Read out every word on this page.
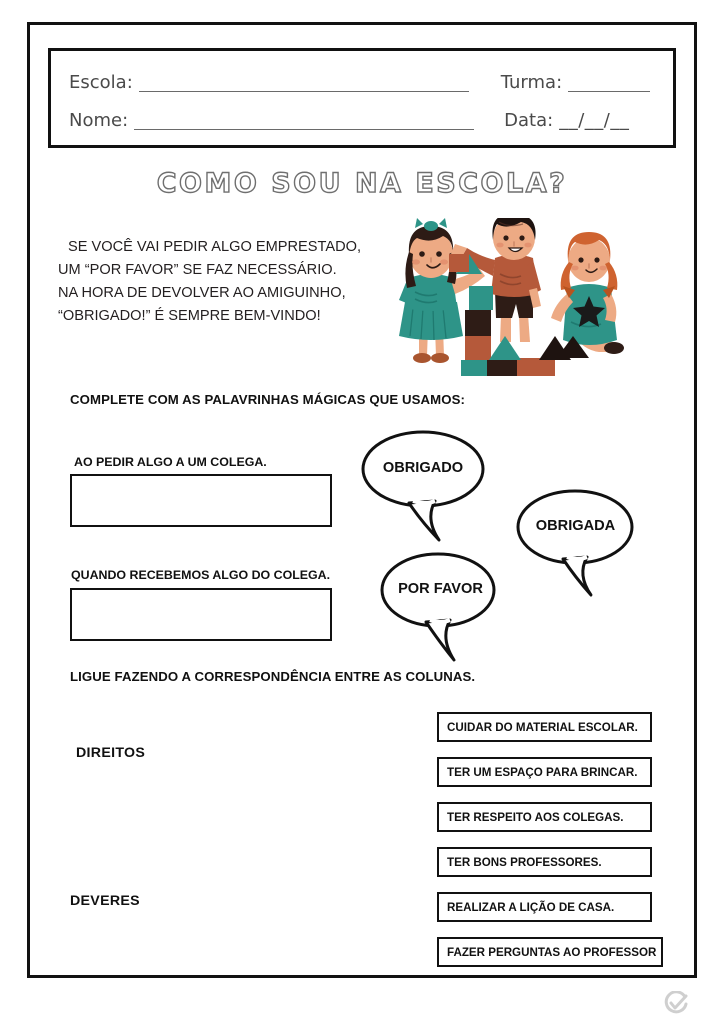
Escola:	Turma:
Nome:	Data: __/__/__
COMO SOU NA ESCOLA?
SE VOCÊ VAI PEDIR ALGO EMPRESTADO,
UM “POR FAVOR” SE FAZ NECESSÁRIO.
NA HORA DE DEVOLVER AO AMIGUINHO,
“OBRIGADO!” É SEMPRE BEM-VINDO!
COMPLETE COM AS PALAVRINHAS MÁGICAS QUE USAMOS:
AO PEDIR ALGO A UM COLEGA.
QUANDO RECEBEMOS ALGO DO COLEGA.
OBRIGADO
OBRIGADA
POR FAVOR
LIGUE FAZENDO A CORRESPONDÊNCIA ENTRE AS COLUNAS.
DIREITOS
DEVERES
CUIDAR DO MATERIAL ESCOLAR.
TER UM ESPAÇO PARA BRINCAR.
TER RESPEITO AOS COLEGAS.
TER BONS PROFESSORES.
REALIZAR A LIÇÃO DE CASA.
FAZER PERGUNTAS AO PROFESSOR
